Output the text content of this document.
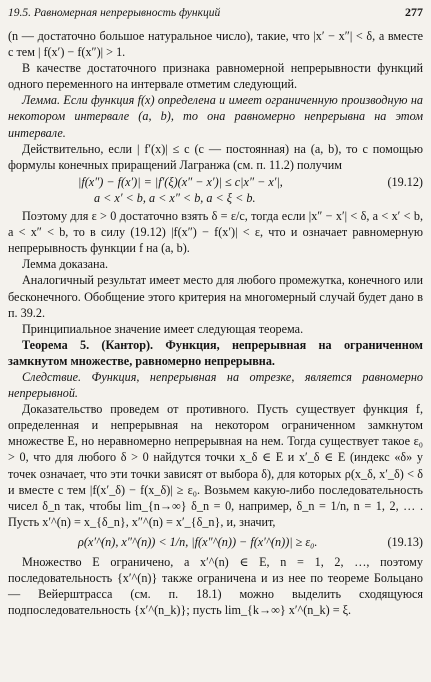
19.5. Равномерная непрерывность функций	277

(n — достаточно большое натуральное число), такие, что |x′ − x″| < δ, а вместе с тем | f(x′) − f(x″)| > 1.

В качестве достаточного признака равномерной непрерывности функций одного переменного на интервале отметим следующий.

Лемма. Если функция f(x) определена и имеет ограниченную производную на некотором интервале (a, b), то она равномерно непрерывна на этом интервале.

Действительно, если | f′(x)| ≤ c (c — постоянная) на (a, b), то с помощью формулы конечных приращений Лагранжа (см. п. 11.2) получим

|f(x″) − f(x′)| = |f′(ξ)(x″ − x′)| ≤ c|x″ − x′|,
a < x′ < b, a < x″ < b, a < ξ < b.
(19.12)

Поэтому для ε > 0 достаточно взять δ = ε/c, тогда если |x″ − x′| < δ, a < x′ < b, a < x″ < b, то в силу (19.12) |f(x″) − f(x′)| < ε, что и означает равномерную непрерывность функции f на (a, b).

Лемма доказана.

Аналогичный результат имеет место для любого промежутка, конечного или бесконечного. Обобщение этого критерия на многомерный случай будет дано в п. 39.2.

Принципиальное значение имеет следующая теорема.

Теорема 5. (Кантор). Функция, непрерывная на ограниченном замкнутом множестве, равномерно непрерывна.

Следствие. Функция, непрерывная на отрезке, является равномерно непрерывной.

Доказательство проведем от противного. Пусть существует функция f, определенная и непрерывная на некотором ограниченном замкнутом множестве E, но неравномерно непрерывная на нем. Тогда существует такое ε₀ > 0, что для любого δ > 0 найдутся точки x_δ ∈ E и x′_δ ∈ E (индекс «δ» у точек означает, что эти точки зависят от выбора δ), для которых ρ(x_δ, x′_δ) < δ и вместе с тем |f(x′_δ) − f(x_δ)| ≥ ε₀. Возьмем какую-либо последовательность чисел δ_n так, чтобы lim_{n→∞} δ_n = 0, например, δ_n = 1/n, n = 1, 2, … . Пусть x′^(n) = x_{δ_n}, x″^(n) = x′_{δ_n}, и, значит,

ρ(x′^(n), x″^(n)) < 1/n, |f(x″^(n)) − f(x′^(n))| ≥ ε₀.	(19.13)

Множество E ограничено, а x′^(n) ∈ E, n = 1, 2, …, поэтому последовательность {x′^(n)} также ограничена и из нее по теореме Больцано — Вейерштрасса (см. п. 18.1) можно выделить сходящуюся подпоследовательность {x′^(n_k)}; пусть lim_{k→∞} x′^(n_k) = ξ.
